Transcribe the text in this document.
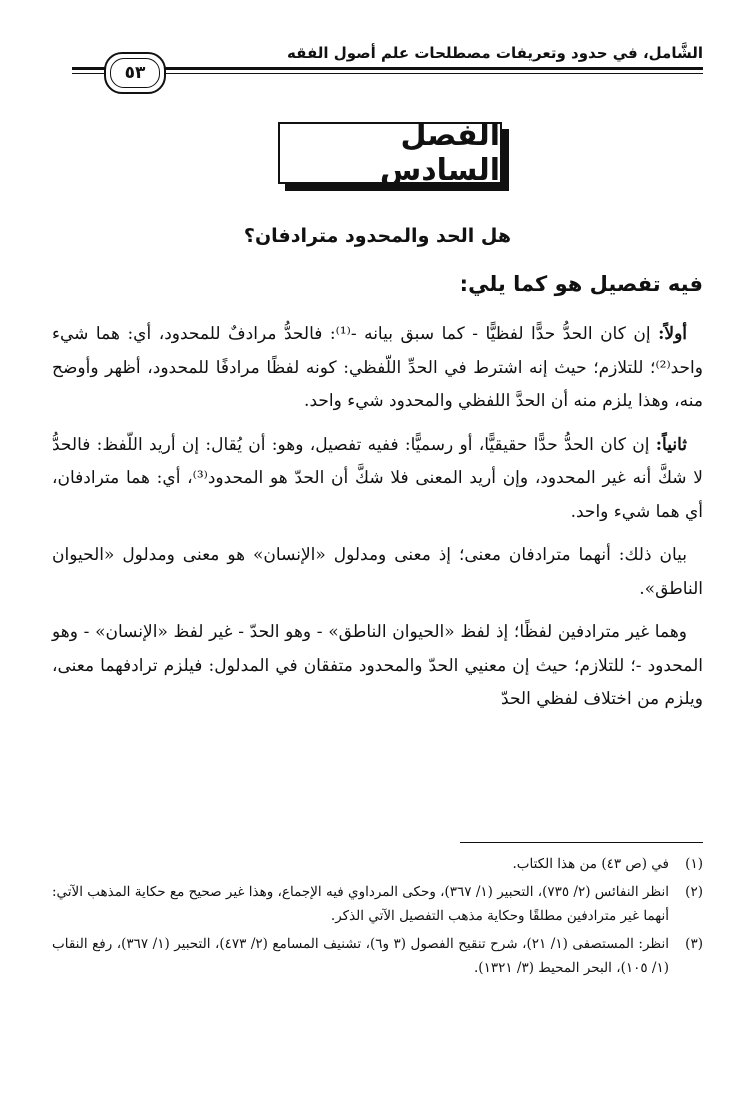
الشَّامل، في حدود وتعريفات مصطلحات علم أصول الفقه
٥٣
الفصل السادس
هل الحد والمحدود مترادفان؟
فيه تفصيل هو كما يلي:

أولاً: إن كان الحدُّ حدًّا لفظيًّا - كما سبق بيانه -⁽¹⁾: فالحدُّ مرادفٌ للمحدود، أي: هما شيء واحد⁽²⁾؛ للتلازم؛ حيث إنه اشترط في الحدِّ اللّفظي: كونه لفظًا مرادفًا للمحدود، أظهر وأوضح منه، وهذا يلزم منه أن الحدَّ اللفظي والمحدود شيء واحد.

ثانياً: إن كان الحدُّ حدًّا حقيقيًّا، أو رسميًّا: ففيه تفصيل، وهو: أن يُقال: إن أريد اللّفظ: فالحدُّ لا شكَّ أنه غير المحدود، وإن أريد المعنى فلا شكَّ أن الحدّ هو المحدود⁽³⁾، أي: هما مترادفان، أي هما شيء واحد.

بيان ذلك: أنهما مترادفان معنى؛ إذ معنى ومدلول «الإنسان» هو معنى ومدلول «الحيوان الناطق».

وهما غير مترادفين لفظًا؛ إذ لفظ «الحيوان الناطق» - وهو الحدّ - غير لفظ «الإنسان» - وهو المحدود -؛ للتلازم؛ حيث إن معنيي الحدّ والمحدود متفقان في المدلول: فيلزم ترادفهما معنى، ويلزم من اختلاف لفظي الحدّ

(١)
في (ص ٤٣) من هذا الكتاب.
(٢)
انظر النفائس (٢/ ٧٣٥)، التحبير (١/ ٣٦٧)، وحكى المرداوي فيه الإجماع، وهذا غير صحيح مع حكاية المذهب الآتي: أنهما غير مترادفين مطلقًا وحكاية مذهب التفصيل الآتي الذكر.
(٣)
انظر: المستصفى (١/ ٢١)، شرح تنقيح الفصول (٣ و٦)، تشنيف المسامع (٢/ ٤٧٣)، التحبير (١/ ٣٦٧)، رفع النقاب (١/ ١٠٥)، البحر المحيط (٣/ ١٣٢١).
